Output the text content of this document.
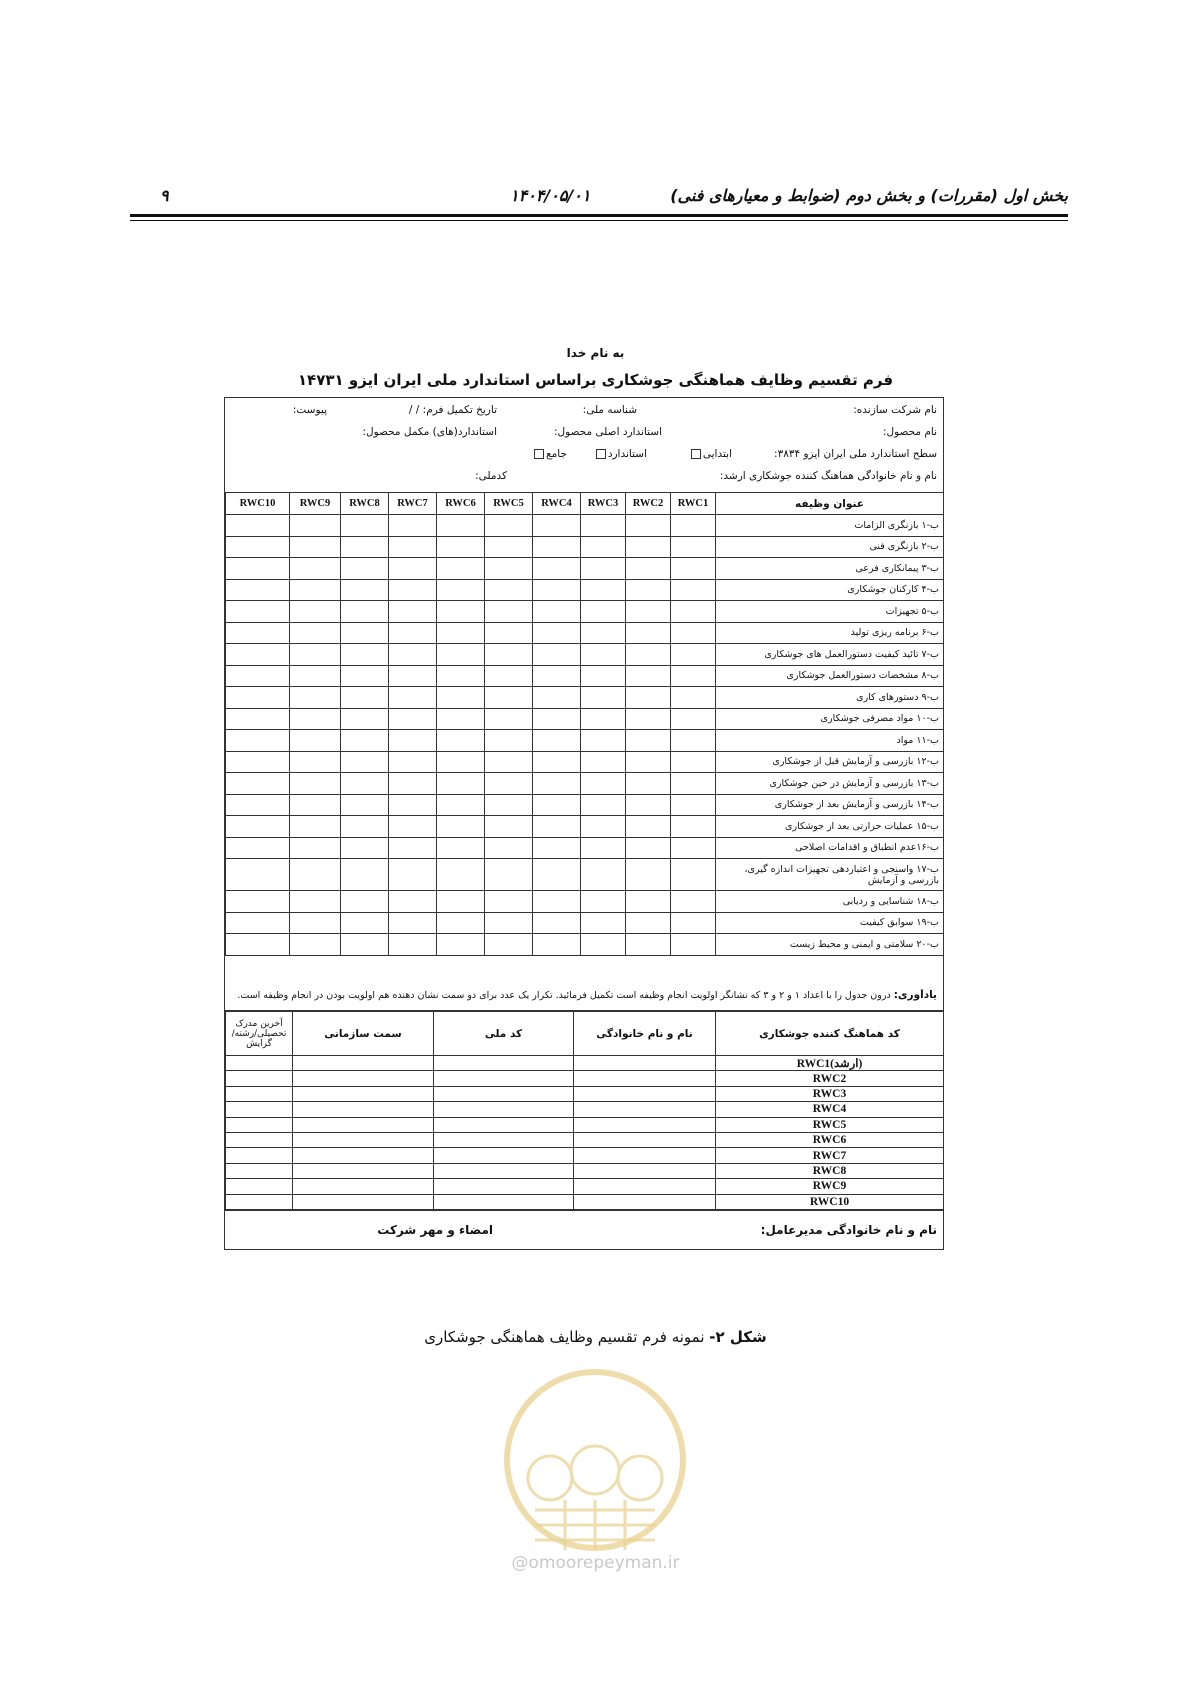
۹	۱۴۰۴/۰۵/۰۱	بخش اول (مقررات) و بخش دوم (ضوابط و معیارهای فنی)
به نام خدا
فرم تقسیم وظایف هماهنگی جوشکاری براساس استاندارد ملی ایران ایزو ۱۴۷۳۱
نام شرکت سازنده:
شناسه ملی:
تاریخ تکمیل فرم: / /
پیوست:
نام محصول:
استاندارد اصلی محصول:
استاندارد(های) مکمل محصول:
سطح استاندارد ملی ایران ایزو ۳۸۳۴:
ابتدایی
استاندارد
جامع
نام و نام خانوادگی هماهنگ کننده جوشکاری ارشد:
کدملی:
عنوان وظیفه	RWC1	RWC2	RWC3	RWC4	RWC5	RWC6	RWC7	RWC8	RWC9	RWC10
ب-۱ بازنگری الزامات										
ب-۲ بازنگری فنی										
ب-۳ پیمانکاری فرعی										
ب-۴ کارکنان جوشکاری										
ب-۵ تجهیزات										
ب-۶ برنامه ریزی تولید										
ب-۷ تائید کیفیت دستورالعمل های جوشکاری										
ب-۸ مشخصات دستورالعمل جوشکاری										
ب-۹ دستورهای کاری										
ب-۱۰ مواد مصرفی جوشکاری										
ب-۱۱ مواد										
ب-۱۲ بازرسی و آزمایش قبل از جوشکاری										
ب-۱۳ بازرسی و آزمایش در حین جوشکاری										
ب-۱۴ بازرسی و آزمایش بعد از جوشکاری										
ب-۱۵ عملیات حرارتی بعد از جوشکاری										
ب-۱۶عدم انطباق و اقدامات اصلاحی										
ب-۱۷ واسنجی و اعتباردهی تجهیزات اندازه گیری، بازرسی و آزمایش										
ب-۱۸ شناسایی و ردیابی										
ب-۱۹ سوابق کیفیت										
ب-۲۰ سلامتی و ایمنی و محیط زیست										
یادآوری: درون جدول را با اعداد ۱ و ۲ و ۳ که نشانگر اولویت انجام وظیفه است تکمیل فرمائید. تکرار یک عدد برای دو سمت نشان دهنده هم اولویت بودن در انجام وظیفه است.
کد هماهنگ کننده جوشکاری	نام و نام خانوادگی	کد ملی	سمت سازمانی	آخرین مدرک تحصیلی/رشته/گرایش
RWC1(ارشد)				
RWC2				
RWC3				
RWC4				
RWC5				
RWC6				
RWC7				
RWC8				
RWC9				
RWC10				
نام و نام خانوادگی مدیرعامل:
امضاء و مهر شرکت
شکل ۲- نمونه فرم تقسیم وظایف هماهنگی جوشکاری
@omoorepeyman.ir
